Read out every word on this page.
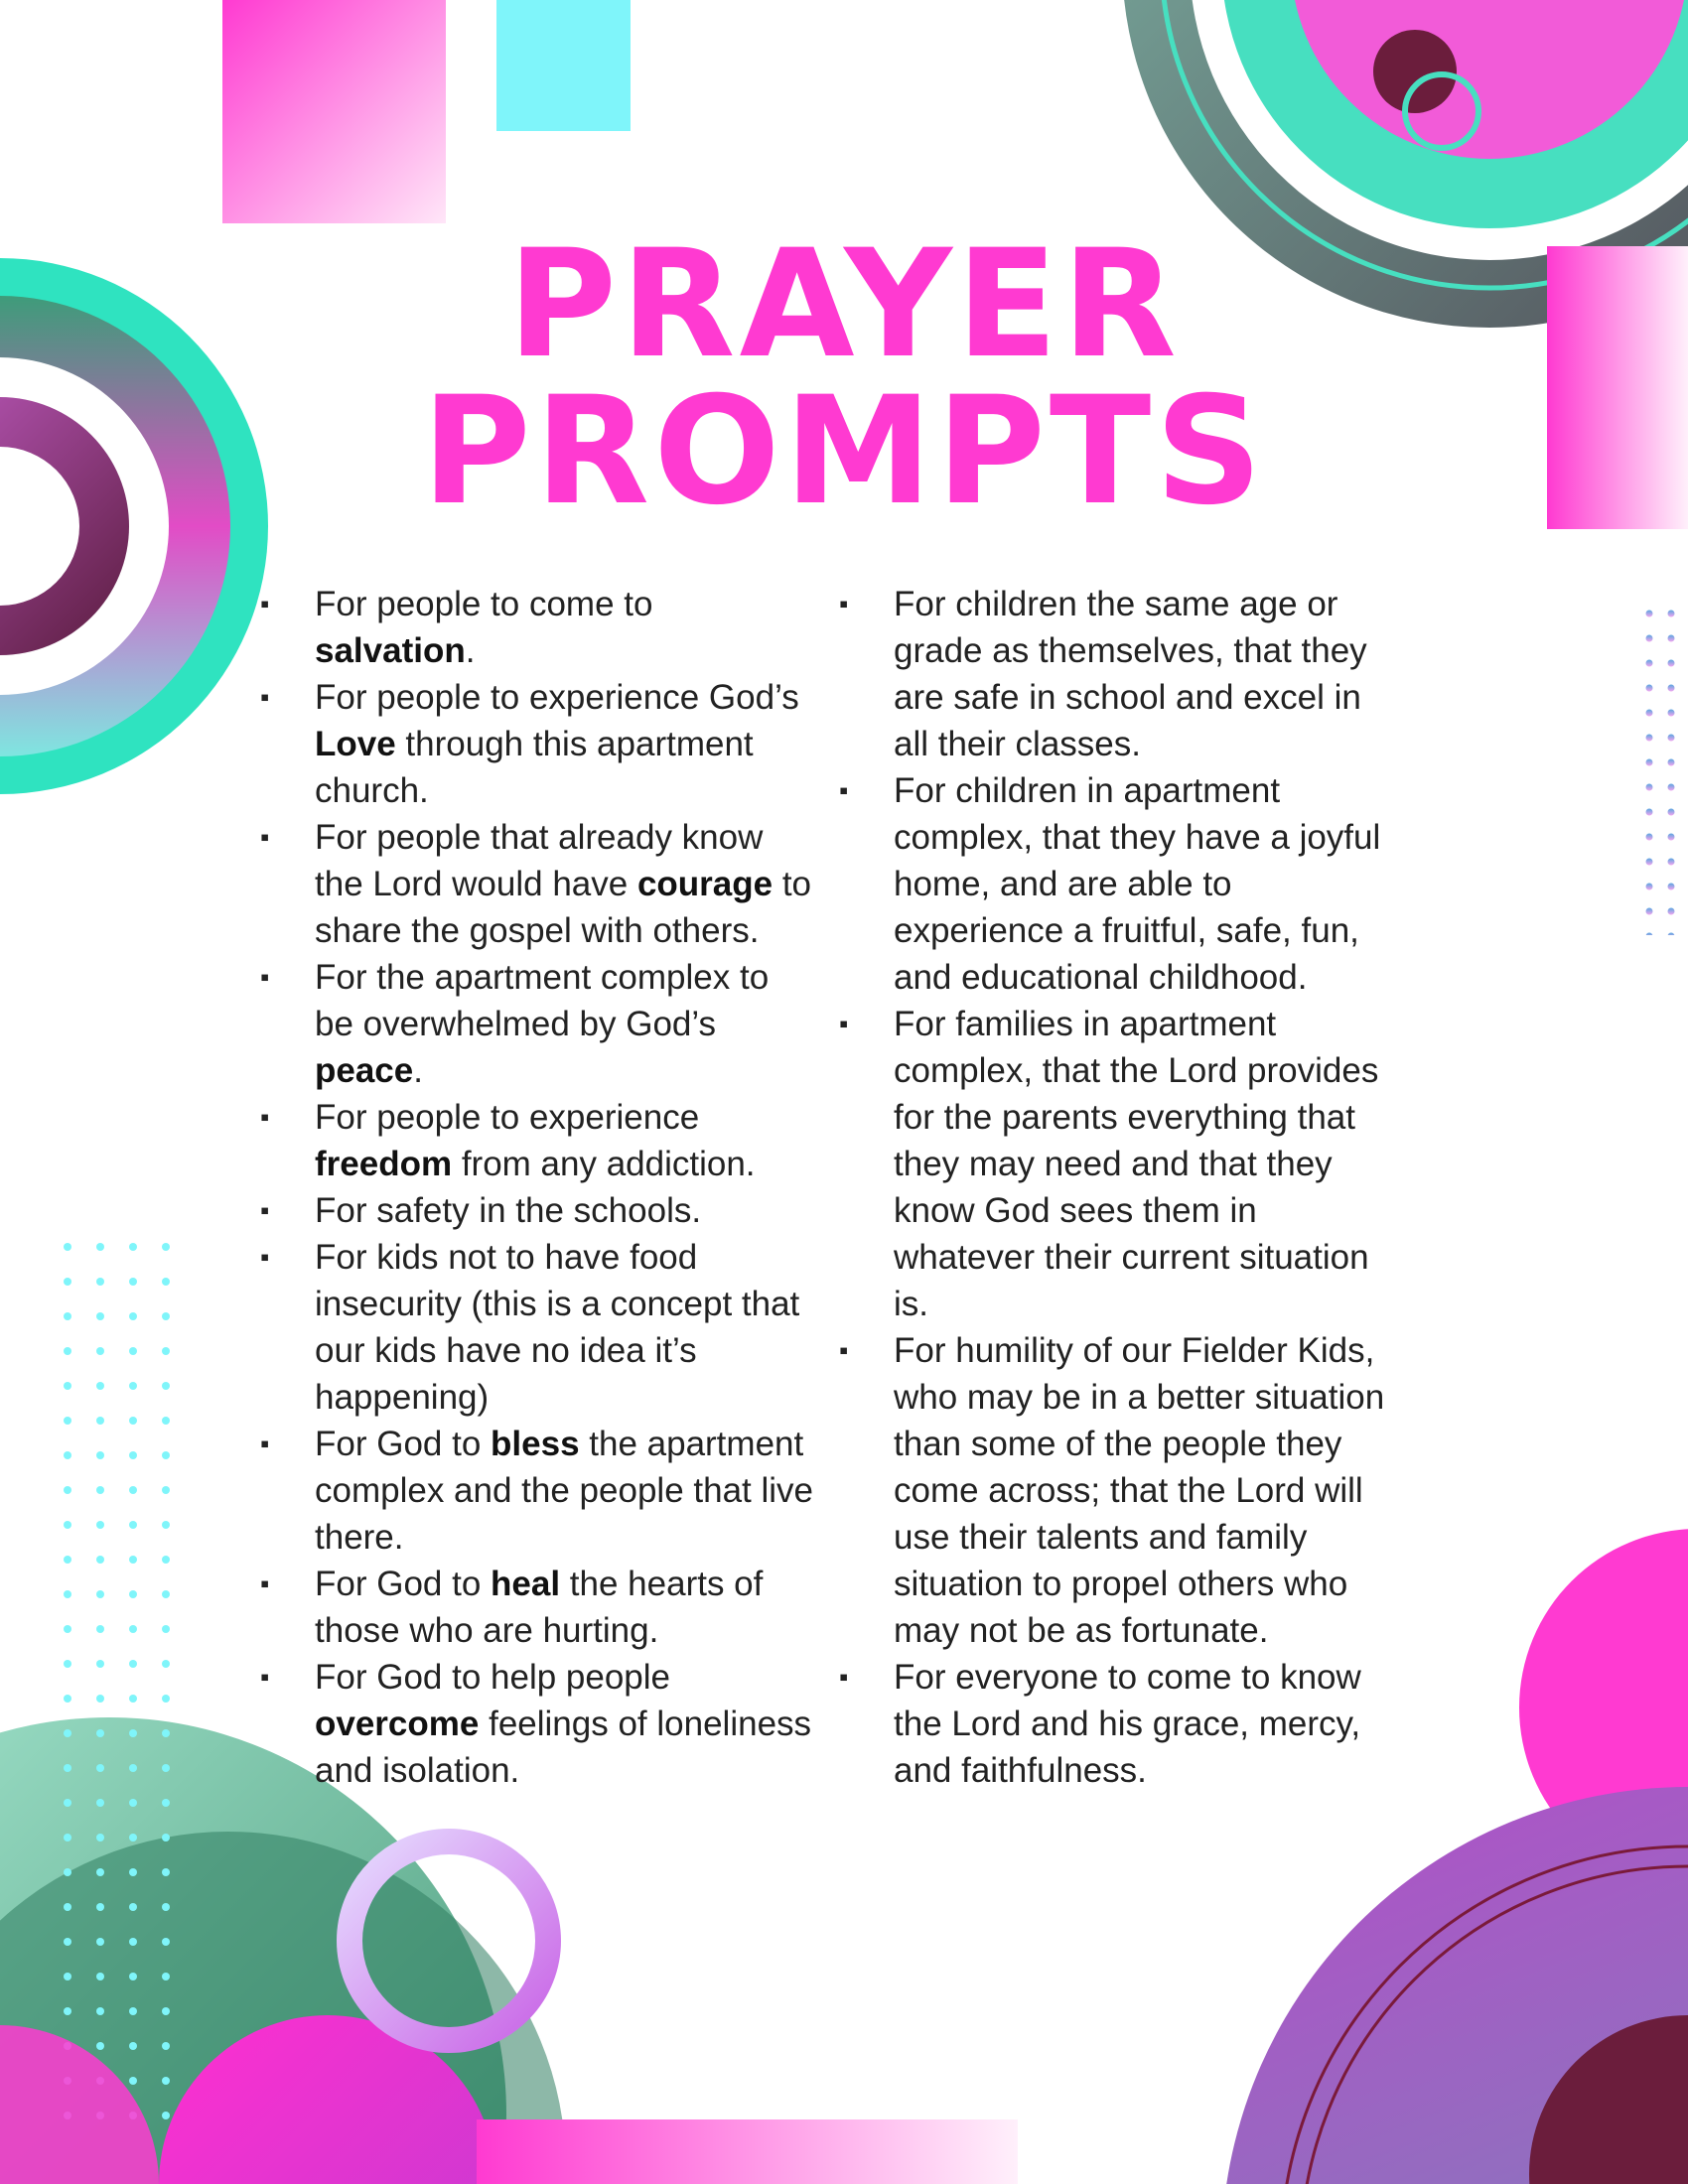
PRAYER
PROMPTS
▪ For people to come to salvation.
▪ For people to experience God’s Love through this apartment church.
▪ For people that already know the Lord would have courage to share the gospel with others.
▪ For the apartment complex to be overwhelmed by God’s peace.
▪ For people to experience freedom from any addiction.
▪ For safety in the schools.
▪ For kids not to have food insecurity (this is a concept that our kids have no idea it’s happening)
▪ For God to bless the apartment complex and the people that live there.
▪ For God to heal the hearts of those who are hurting.
▪ For God to help people overcome feelings of loneliness and isolation.
▪ For children the same age or grade as themselves, that they are safe in school and excel in all their classes.
▪ For children in apartment complex, that they have a joyful home, and are able to experience a fruitful, safe, fun, and educational childhood.
▪ For families in apartment complex, that the Lord provides for the parents everything that they may need and that they know God sees them in whatever their current situation is.
▪ For humility of our Fielder Kids, who may be in a better situation than some of the people they come across; that the Lord will use their talents and family situation to propel others who may not be as fortunate.
▪ For everyone to come to know the Lord and his grace, mercy, and faithfulness.
